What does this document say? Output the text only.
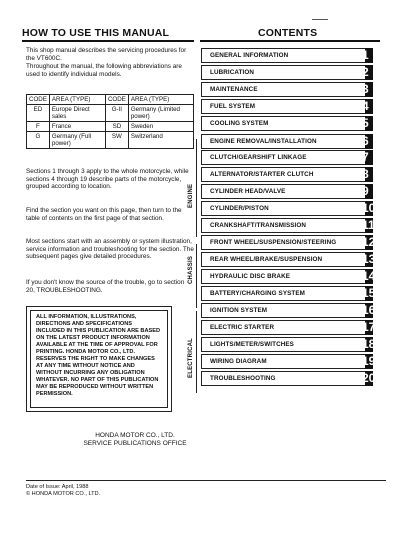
HOW TO USE THIS MANUAL	CONTENTS
This shop manual describes the servicing procedures for the VT600C.
Throughout the manual, the following abbreviations are used to identify individual models.
CODE	AREA (TYPE)	CODE	AREA (TYPE)
ED	Europe Direct sales	G-II	Germany (Limited power)
F	France	SD	Sweden
G	Germany (Full power)	SW	Switzerland
Sections 1 through 3 apply to the whole motorcycle, while sections 4 through 19 describe parts of the motorcycle, grouped according to location.
Find the section you want on this page, then turn to the table of contents on the first page of that section.
Most sections start with an assembly or system illustration, service information and troubleshooting for the section. The subsequent pages give detailed procedures.
If you don't know the source of the trouble, go to section 20, TROUBLESHOOTING.
ALL INFORMATION, ILLUSTRATIONS, DIRECTIONS AND SPECIFICATIONS INCLUDED IN THIS PUBLICATION ARE BASED ON THE LATEST PRODUCT INFORMATION AVAILABLE AT THE TIME OF APPROVAL FOR PRINTING. HONDA MOTOR CO., LTD. RESERVES THE RIGHT TO MAKE CHANGES AT ANY TIME WITHOUT NOTICE AND WITHOUT INCURRING ANY OBLIGATION WHATEVER. NO PART OF THIS PUBLICATION MAY BE REPRODUCED WITHOUT WRITTEN PERMISSION.
HONDA MOTOR CO., LTD.
SERVICE PUBLICATIONS OFFICE
Date of Issue: April, 1988
© HONDA MOTOR CO., LTD.
ENGINE
CHASSIS
ELECTRICAL
GENERAL INFORMATION	1
LUBRICATION	2
MAINTENANCE	3
FUEL SYSTEM	4
COOLING SYSTEM	5
ENGINE REMOVAL/INSTALLATION	6
CLUTCH/GEARSHIFT LINKAGE	7
ALTERNATOR/STARTER CLUTCH	8
CYLINDER HEAD/VALVE	9
CYLINDER/PISTON	10
CRANKSHAFT/TRANSMISSION	11
FRONT WHEEL/SUSPENSION/STEERING 12
REAR WHEEL/BRAKE/SUSPENSION	13
HYDRAULIC DISC BRAKE	14
BATTERY/CHARGING SYSTEM	15
IGNITION SYSTEM	16
ELECTRIC STARTER	17
LIGHTS/METER/SWITCHES	18
WIRING DIAGRAM	19
TROUBLESHOOTING	20
